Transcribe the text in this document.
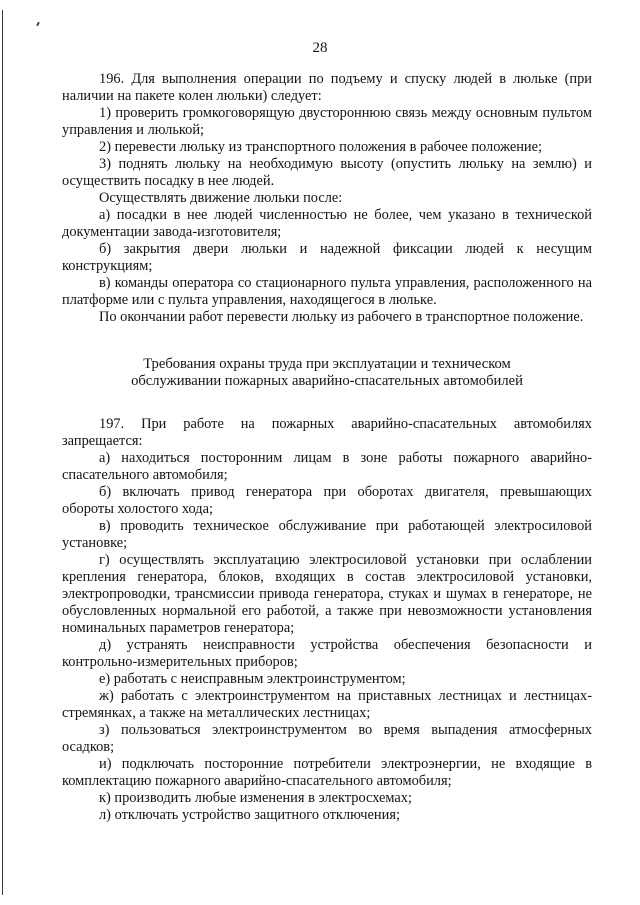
28

196. Для выполнения операции по подъему и спуску людей в люльке (при наличии на пакете колен люльки) следует:

1) проверить громкоговорящую двустороннюю связь между основным пультом управления и люлькой;

2) перевести люльку из транспортного положения в рабочее положение;

3) поднять люльку на необходимую высоту (опустить люльку на землю) и осуществить посадку в нее людей.

Осуществлять движение люльки после:

а) посадки в нее людей численностью не более, чем указано в технической документации завода-изготовителя;

б) закрытия двери люльки и надежной фиксации людей к несущим конструкциям;

в) команды оператора со стационарного пульта управления, расположенного на платформе или с пульта управления, находящегося в люльке.

По окончании работ перевести люльку из рабочего в транспортное положение.

Требования охраны труда при эксплуатации и техническом
обслуживании пожарных аварийно-спасательных автомобилей

197. При работе на пожарных аварийно-спасательных автомобилях запрещается:

а) находиться посторонним лицам в зоне работы пожарного аварийно-спасательного автомобиля;

б) включать привод генератора при оборотах двигателя, превышающих обороты холостого хода;

в) проводить техническое обслуживание при работающей электросиловой установке;

г) осуществлять эксплуатацию электросиловой установки при ослаблении крепления генератора, блоков, входящих в состав электросиловой установки, электропроводки, трансмиссии привода генератора, стуках и шумах в генераторе, не обусловленных нормальной его работой, а также при невозможности установления номинальных параметров генератора;

д) устранять неисправности устройства обеспечения безопасности и контрольно-измерительных приборов;

е) работать с неисправным электроинструментом;

ж) работать с электроинструментом на приставных лестницах и лестницах-стремянках, а также на металлических лестницах;

з) пользоваться электроинструментом во время выпадения атмосферных осадков;

и) подключать посторонние потребители электроэнергии, не входящие в комплектацию пожарного аварийно-спасательного автомобиля;

к) производить любые изменения в электросхемах;

л) отключать устройство защитного отключения;
